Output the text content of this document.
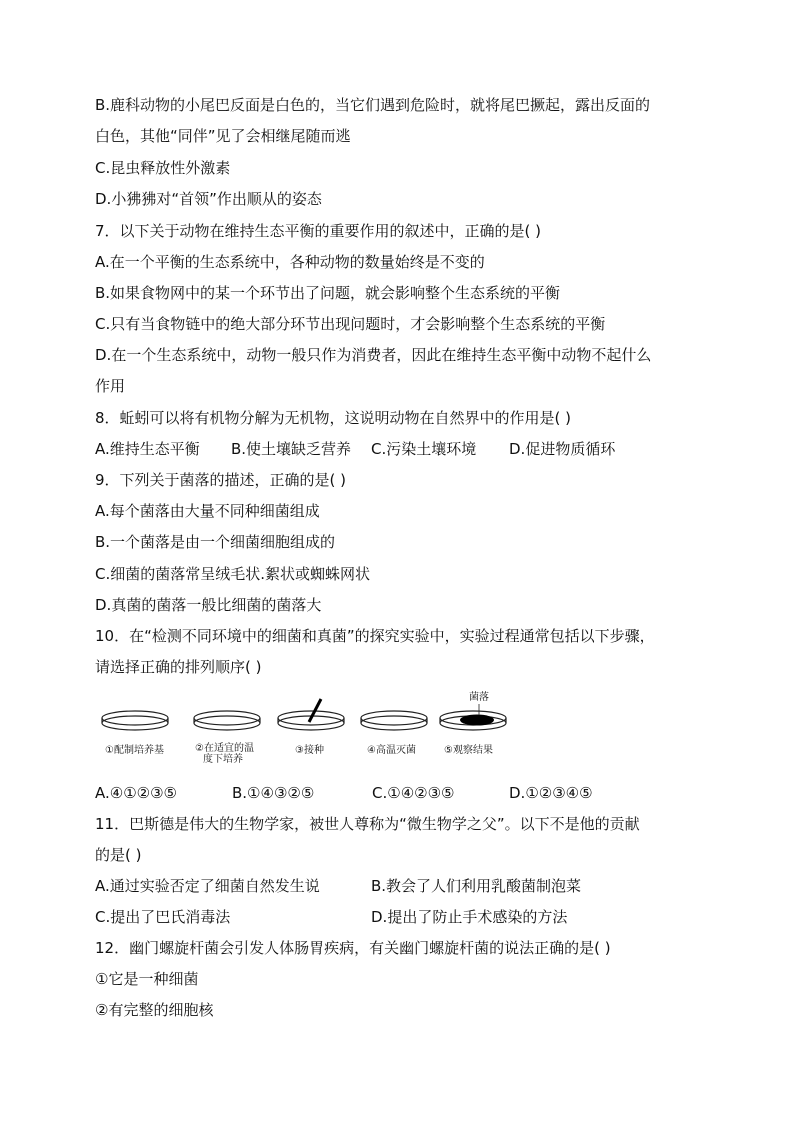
B.鹿科动物的小尾巴反面是白色的，当它们遇到危险时，就将尾巴撅起，露出反面的
白色，其他“同伴”见了会相继尾随而逃
C.昆虫释放性外激素
D.小狒狒对“首领”作出顺从的姿态
7．以下关于动物在维持生态平衡的重要作用的叙述中，正确的是( )
A.在一个平衡的生态系统中，各种动物的数量始终是不变的
B.如果食物网中的某一个环节出了问题，就会影响整个生态系统的平衡
C.只有当食物链中的绝大部分环节出现问题时，才会影响整个生态系统的平衡
D.在一个生态系统中，动物一般只作为消费者，因此在维持生态平衡中动物不起什么
作用
8．蚯蚓可以将有机物分解为无机物，这说明动物在自然界中的作用是( )
A.维持生态平衡 B.使土壤缺乏营养 C.污染土壤环境 D.促进物质循环
9．下列关于菌落的描述，正确的是( )
A.每个菌落由大量不同种细菌组成
B.一个菌落是由一个细菌细胞组成的
C.细菌的菌落常呈绒毛状.絮状或蜘蛛网状
D.真菌的菌落一般比细菌的菌落大
10．在“检测不同环境中的细菌和真菌”的探究实验中，实验过程通常包括以下步骤，
请选择正确的排列顺序( )
菌落
①配制培养基	②在适宜的温
度下培养
③接种	④高温灭菌	⑤观察结果
A.④①②③⑤	B.①④③②⑤	C.①④②③⑤	D.①②③④⑤
11．巴斯德是伟大的生物学家，被世人尊称为“微生物学之父”。以下不是他的贡献
的是( )
A.通过实验否定了细菌自然发生说	B.教会了人们利用乳酸菌制泡菜
C.提出了巴氏消毒法	D.提出了防止手术感染的方法
12．幽门螺旋杆菌会引发人体肠胃疾病，有关幽门螺旋杆菌的说法正确的是( )
①它是一种细菌
②有完整的细胞核
